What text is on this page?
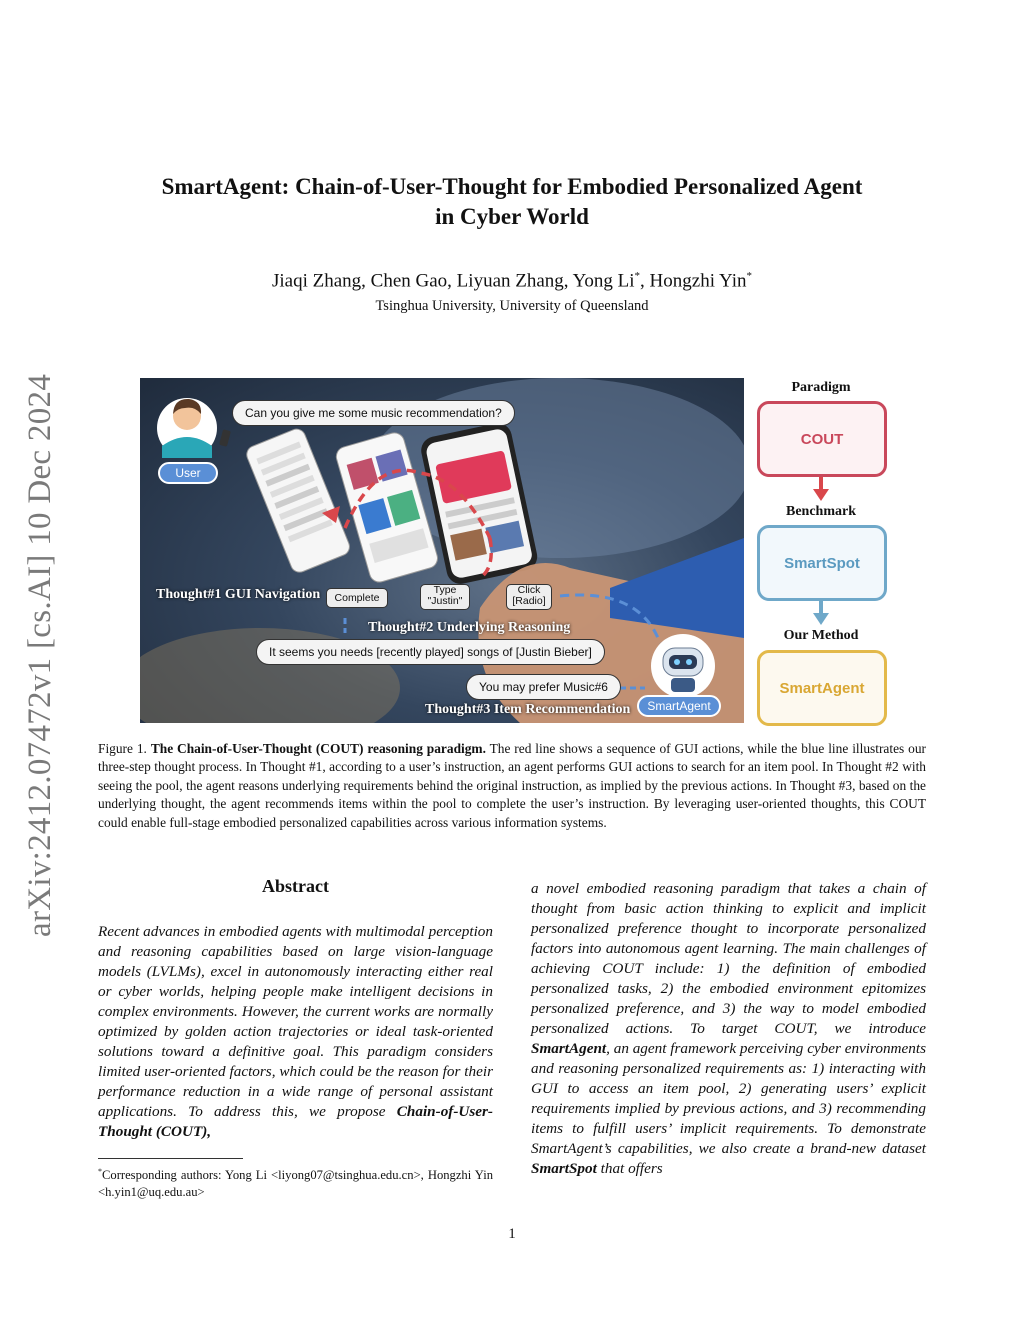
arXiv:2412.07472v1 [cs.AI] 10 Dec 2024
SmartAgent: Chain-of-User-Thought for Embodied Personalized Agent
in Cyber World
Jiaqi Zhang, Chen Gao, Liyuan Zhang, Yong Li*, Hongzhi Yin*
Tsinghua University, University of Queensland
Can you give me some music recommendation?
User
Thought#1 GUI Navigation	Complete
Type
"Justin"
Click
[Radio]
Thought#2 Underlying Reasoning
It seems you needs [recently played] songs of [Justin Bieber]
You may prefer Music#6
Thought#3 Item Recommendation	SmartAgent
Paradigm
COUT
Benchmark
SmartSpot
Our Method
SmartAgent

Figure 1. The Chain-of-User-Thought (COUT) reasoning paradigm. The red line shows a sequence of GUI actions, while the blue line illustrates our three-step thought process. In Thought #1, according to a user’s instruction, an agent performs GUI actions to search for an item pool. In Thought #2 with seeing the pool, the agent reasons underlying requirements behind the original instruction, as implied by the previous actions. In Thought #3, based on the underlying thought, the agent recommends items within the pool to complete the user’s instruction. By leveraging user-oriented thoughts, this COUT could enable full-stage embodied personalized capabilities across various information systems.

Abstract

Recent advances in embodied agents with multimodal perception and reasoning capabilities based on large vision-language models (LVLMs), excel in autonomously interacting either real or cyber worlds, helping people make intelligent decisions in complex environments. However, the current works are normally optimized by golden action trajectories or ideal task-oriented solutions toward a definitive goal. This paradigm considers limited user-oriented factors, which could be the reason for their performance reduction in a wide range of personal assistant applications. To address this, we propose Chain-of-User-Thought (COUT),

a novel embodied reasoning paradigm that takes a chain of thought from basic action thinking to explicit and implicit personalized preference thought to incorporate personalized factors into autonomous agent learning. The main challenges of achieving COUT include: 1) the definition of embodied personalized tasks, 2) the embodied environment epitomizes personalized preference, and 3) the way to model embodied personalized actions. To target COUT, we introduce SmartAgent, an agent framework perceiving cyber environments and reasoning personalized requirements as: 1) interacting with GUI to access an item pool, 2) generating users’ explicit requirements implied by previous actions, and 3) recommending items to fulfill users’ implicit requirements. To demonstrate SmartAgent’s capabilities, we also create a brand-new dataset SmartSpot that offers

*Corresponding authors: Yong Li <liyong07@tsinghua.edu.cn>, Hongzhi Yin <h.yin1@uq.edu.au>

1
